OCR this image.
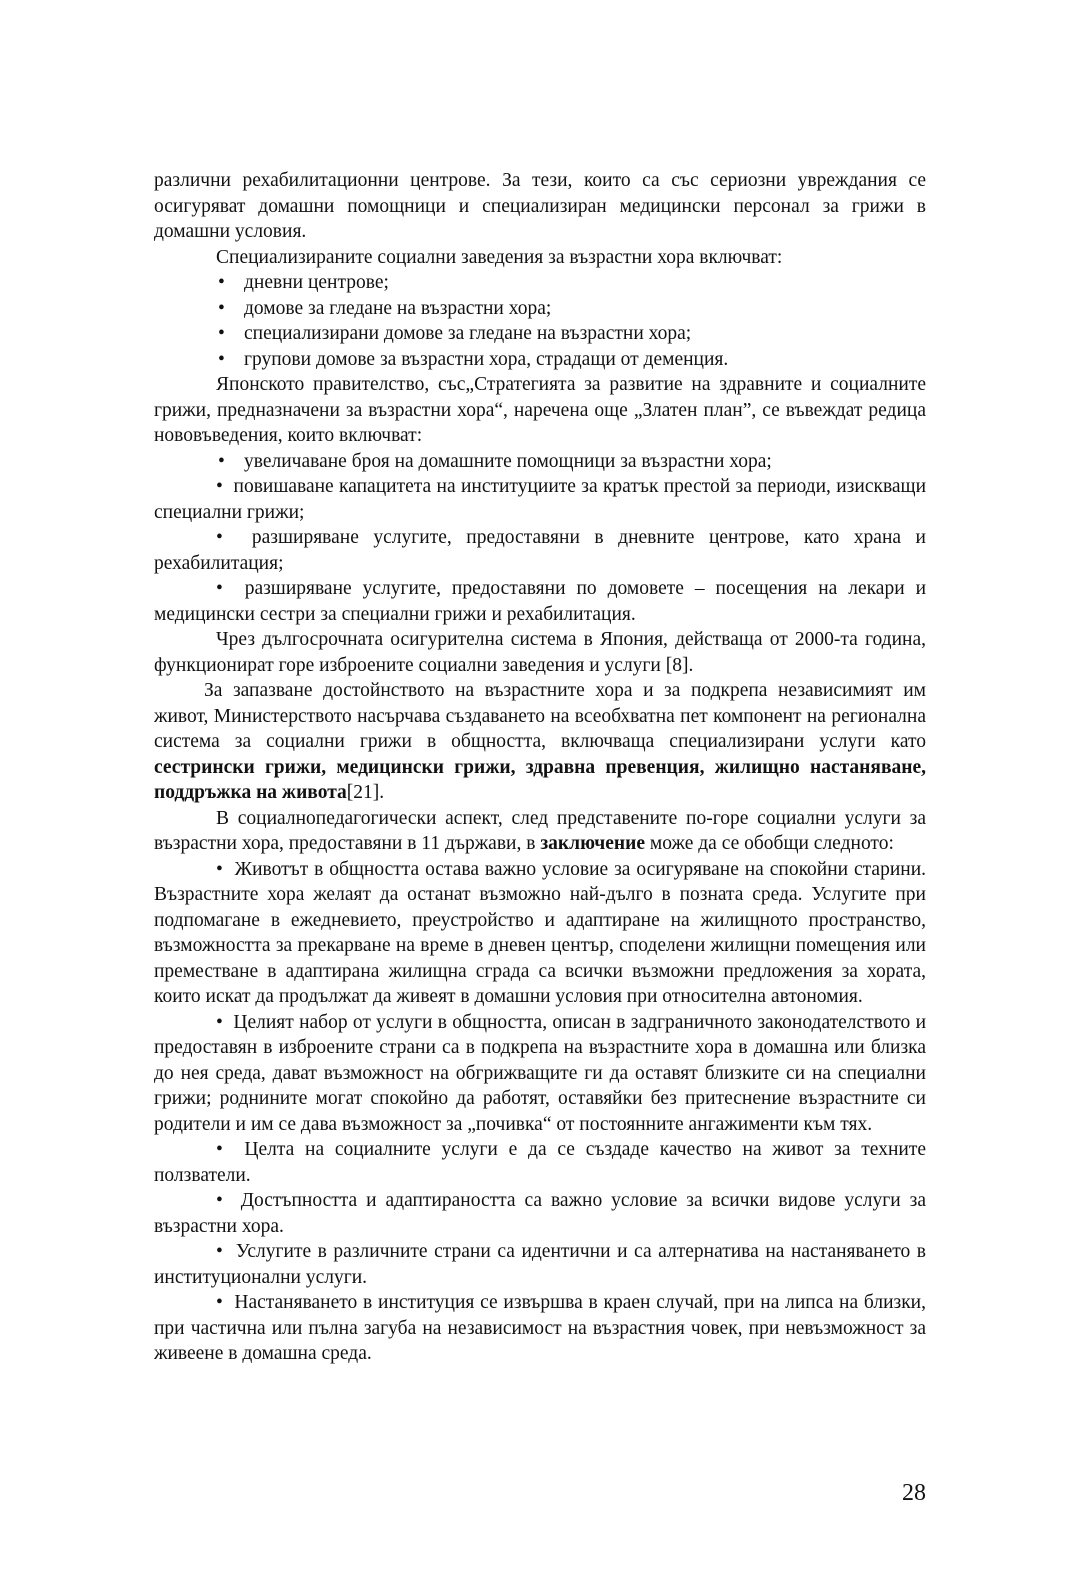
различни рехабилитационни центрове. За тези, които са със сериозни увреждания се осигуряват домашни помощници и специализиран медицински персонал за грижи в домашни условия.

Специализираните социални заведения за възрастни хора включват:

• дневни центрове;
• домове за гледане на възрастни хора;
• специализирани домове за гледане на възрастни хора;
• групови домове за възрастни хора, страдащи от деменция.

Японското правителство, със„Стратегията за развитие на здравните и социалните грижи, предназначени за възрастни хора“, наречена още „Златен план”, се въвеждат редица нововъведения, които включват:

• увеличаване броя на домашните помощници за възрастни хора;

•  повишаване капацитета на институциите за кратък престой за периоди, изискващи специални грижи;

•  разширяване услугите, предоставяни в дневните центрове, като храна и рехабилитация;

•  разширяване услугите, предоставяни по домовете – посещения на лекари и медицински сестри за специални грижи и рехабилитация.

Чрез дългосрочната осигурителна система в Япония, действаща от 2000-та година, функционират горе изброените социални заведения и услуги [8].

За запазване достойнството на възрастните хора и за подкрепа независимият им живот, Министерството насърчава създаването на всеобхватна пет компонент на регионална система за социални грижи в общността, включваща специализирани услуги като сестрински грижи, медицински грижи, здравна превенция, жилищно настаняване, поддръжка на живота[21].

В социалнопедагогически аспект, след представените по-горе социални услуги за възрастни хора, предоставяни в 11 държави, в заключение може да се обобщи следното:

•  Животът в общността остава важно условие за осигуряване на спокойни старини. Възрастните хора желаят да останат възможно най-дълго в позната среда. Услугите при подпомагане в ежедневието, преустройство и адаптиране на жилищното пространство, възможността за прекарване на време в дневен център, споделени жилищни помещения или преместване в адаптирана жилищна сграда са всички възможни предложения за хората, които искат да продължат да живеят в домашни условия при относителна автономия.

•  Целият набор от услуги в общността, описан в задграничното законодателството и предоставян в изброените страни са в подкрепа на възрастните хора в домашна или близка до нея среда, дават възможност на обгрижващите ги да оставят близките си на специални грижи; роднините могат спокойно да работят, оставяйки без притеснение възрастните си родители и им се дава възможност за „почивка“ от постоянните ангажименти към тях.

•  Целта на социалните услуги е да се създаде качество на живот за техните ползватели.

•  Достъпността и адаптираността са важно условие за всички видове услуги за възрастни хора.

•  Услугите в различните страни са идентични и са алтернатива на настаняването в институционални услуги.

•  Настаняването в институция се извършва в краен случай, при на липса на близки, при частична или пълна загуба на независимост на възрастния човек, при невъзможност за живеене в домашна среда.

28
